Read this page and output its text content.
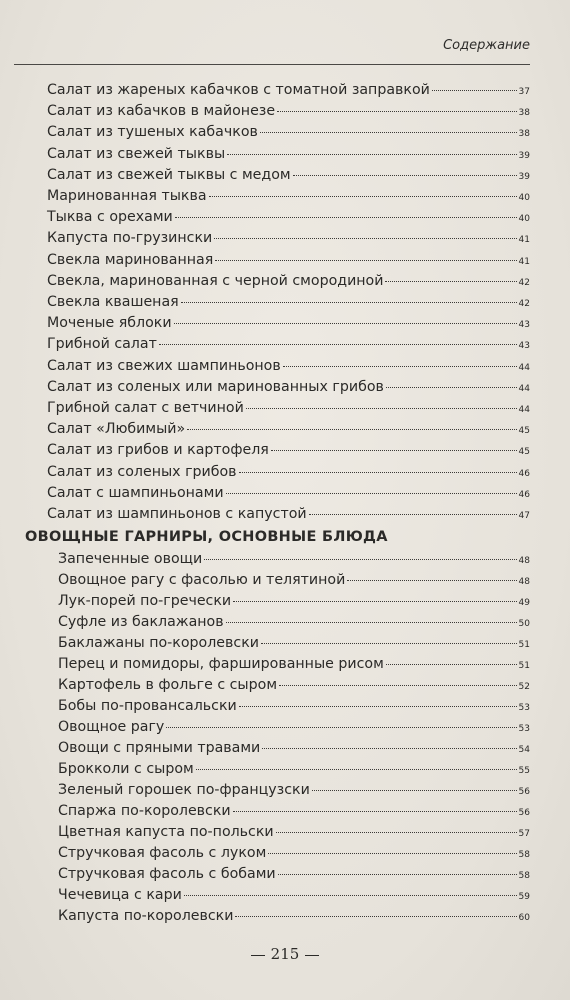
Содержание
Салат из жареных кабачков с томатной заправкой	37
Салат из кабачков в майонезе	38
Салат из тушеных кабачков	38
Салат из свежей тыквы	39
Салат из свежей тыквы с медом	39
Маринованная тыква	40
Тыква с орехами	40
Капуста по-грузински	41
Свекла маринованная	41
Свекла, маринованная с черной смородиной	42
Свекла квашеная	42
Моченые яблоки	43
Грибной салат	43
Салат из свежих шампиньонов	44
Салат из соленых или маринованных грибов	44
Грибной салат с ветчиной	44
Салат «Любимый»	45
Салат из грибов и картофеля	45
Салат из соленых грибов	46
Салат с шампиньонами	46
Салат из шампиньонов с капустой	47
ОВОЩНЫЕ ГАРНИРЫ, ОСНОВНЫЕ БЛЮДА
Запеченные овощи	48
Овощное рагу с фасолью и телятиной	48
Лук-порей по-гречески	49
Суфле из баклажанов	50
Баклажаны по-королевски	51
Перец и помидоры, фаршированные рисом	51
Картофель в фольге с сыром	52
Бобы по-провансальски	53
Овощное рагу	53
Овощи с пряными травами	54
Брокколи с сыром	55
Зеленый горошек по-французски	56
Спаржа по-королевски	56
Цветная капуста по-польски	57
Стручковая фасоль с луком	58
Стручковая фасоль с бобами	58
Чечевица с кари	59
Капуста по-королевски	60
215
